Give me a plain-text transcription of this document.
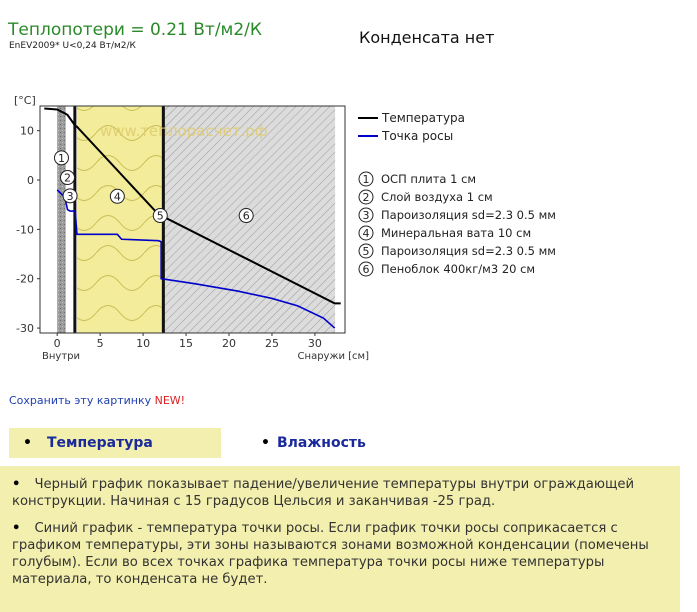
Теплопотери = 0.21 Вт/м2/К
EnEV2009* U<0,24 Вт/м2/К	Конденсата нет
www.теплорасчет.рф
1
2
3	4
5	6
0	5	10	15	20	25	30
10
0
-10
-20
-30
[°C]
Внутри	Снаружи [см]
Температура
Точка росы
1 ОСП плита 1 см
2 Слой воздуха 1 см
3 Пароизоляция sd=2.3 0.5 мм
4 Минеральная вата 10 см
5 Пароизоляция sd=2.3 0.5 мм
6 Пеноблок 400кг/м3 20 см
Сохранить эту картинку NEW!
• Температура	• Влажность

• Черный график показывает падение/увеличение температуры внутри ограждающей конструкции. Начиная с 15 градусов Цельсия и заканчивая -25 град.

• Синий график - температура точки росы. Если график точки росы соприкасается с графиком температуры, эти зоны называются зонами возможной конденсации (помечены голубым). Если во всех точках графика температура точки росы ниже температуры материала, то конденсата не будет.
